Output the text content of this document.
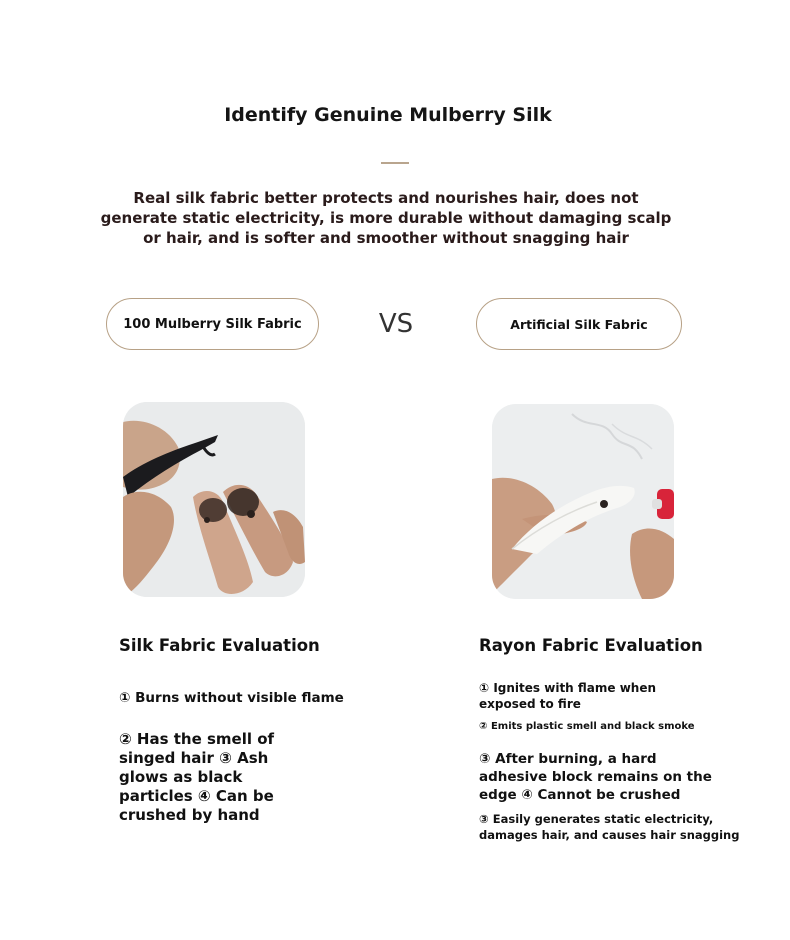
Identify Genuine Mulberry Silk
Real silk fabric better protects and nourishes hair, does not generate static electricity, is more durable without damaging scalp or hair, and is softer and smoother without snagging hair
100 Mulberry Silk Fabric	VS	Artificial Silk Fabric
Silk Fabric Evaluation	Rayon Fabric Evaluation
① Burns without visible flame
② Has the smell of singed hair ③ Ash glows as black particles ④ Can be crushed by hand
① Ignites with flame when exposed to fire
② Emits plastic smell and black smoke
③ After burning, a hard adhesive block remains on the edge ④ Cannot be crushed
③ Easily generates static electricity, damages hair, and causes hair snagging
